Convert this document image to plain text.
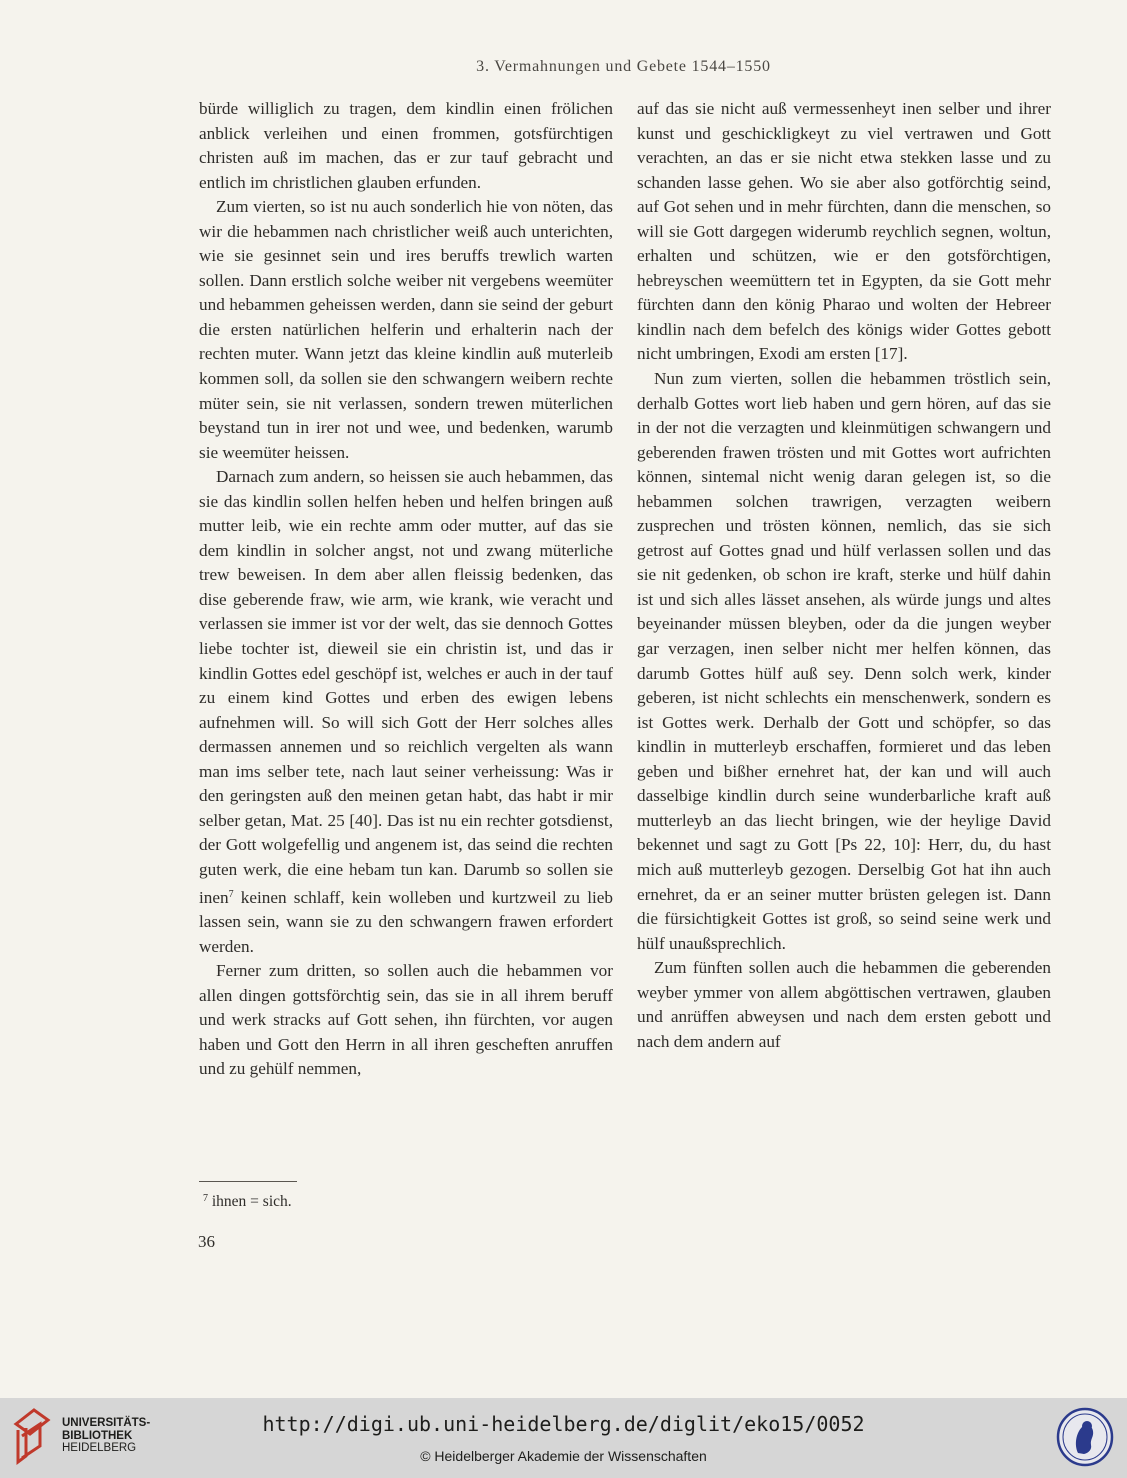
3. Vermahnungen und Gebete 1544–1550

bürde williglich zu tragen, dem kindlin einen frölichen anblick verleihen und einen frommen, gotsfürchtigen christen auß im machen, das er zur tauf gebracht und entlich im christlichen glauben erfunden.

Zum vierten, so ist nu auch sonderlich hie von nöten, das wir die hebammen nach christlicher weiß auch unterichten, wie sie gesinnet sein und ires beruffs trewlich warten sollen. Dann erstlich solche weiber nit vergebens weemüter und hebammen geheissen werden, dann sie seind der geburt die ersten natürlichen helferin und erhalterin nach der rechten muter. Wann jetzt das kleine kindlin auß muterleib kommen soll, da sollen sie den schwangern weibern rechte müter sein, sie nit verlassen, sondern trewen müterlichen beystand tun in irer not und wee, und bedenken, warumb sie weemüter heissen.

Darnach zum andern, so heissen sie auch hebammen, das sie das kindlin sollen helfen heben und helfen bringen auß mutter leib, wie ein rechte amm oder mutter, auf das sie dem kindlin in solcher angst, not und zwang müterliche trew beweisen. In dem aber allen fleissig bedenken, das dise geberende fraw, wie arm, wie krank, wie veracht und verlassen sie immer ist vor der welt, das sie dennoch Gottes liebe tochter ist, dieweil sie ein christin ist, und das ir kindlin Gottes edel geschöpf ist, welches er auch in der tauf zu einem kind Gottes und erben des ewigen lebens aufnehmen will. So will sich Gott der Herr solches alles dermassen annemen und so reichlich vergelten als wann man ims selber tete, nach laut seiner verheissung: Was ir den geringsten auß den meinen getan habt, das habt ir mir selber getan, Mat. 25 [40]. Das ist nu ein rechter gotsdienst, der Gott wolgefellig und angenem ist, das seind die rechten guten werk, die eine hebam tun kan. Darumb so sollen sie inen$^7$ keinen schlaff, kein wolleben und kurtzweil zu lieb lassen sein, wann sie zu den schwangern frawen erfordert werden.

Ferner zum dritten, so sollen auch die hebammen vor allen dingen gottsförchtig sein, das sie in all ihrem beruff und werk stracks auf Gott sehen, ihn fürchten, vor augen haben und Gott den Herrn in all ihren gescheften anruffen und zu gehülf nemmen,

auf das sie nicht auß vermessenheyt inen selber und ihrer kunst und geschickligkeyt zu viel vertrawen und Gott verachten, an das er sie nicht etwa stekken lasse und zu schanden lasse gehen. Wo sie aber also gotförchtig seind, auf Got sehen und in mehr fürchten, dann die menschen, so will sie Gott dargegen widerumb reychlich segnen, woltun, erhalten und schützen, wie er den gotsförchtigen, hebreyschen weemüttern tet in Egypten, da sie Gott mehr fürchten dann den könig Pharao und wolten der Hebreer kindlin nach dem befelch des königs wider Gottes gebott nicht umbringen, Exodi am ersten [17].

Nun zum vierten, sollen die hebammen tröstlich sein, derhalb Gottes wort lieb haben und gern hören, auf das sie in der not die verzagten und kleinmütigen schwangern und geberenden frawen trösten und mit Gottes wort aufrichten können, sintemal nicht wenig daran gelegen ist, so die hebammen solchen trawrigen, verzagten weibern zusprechen und trösten können, nemlich, das sie sich getrost auf Gottes gnad und hülf verlassen sollen und das sie nit gedenken, ob schon ire kraft, sterke und hülf dahin ist und sich alles lässet ansehen, als würde jungs und altes beyeinander müssen bleyben, oder da die jungen weyber gar verzagen, inen selber nicht mer helfen können, das darumb Gottes hülf auß sey. Denn solch werk, kinder geberen, ist nicht schlechts ein menschenwerk, sondern es ist Gottes werk. Derhalb der Gott und schöpfer, so das kindlin in mutterleyb erschaffen, formieret und das leben geben und bißher ernehret hat, der kan und will auch dasselbige kindlin durch seine wunderbarliche kraft auß mutterleyb an das liecht bringen, wie der heylige David bekennet und sagt zu Gott [Ps 22, 10]: Herr, du, du hast mich auß mutterleyb gezogen. Derselbig Got hat ihn auch ernehret, da er an seiner mutter brüsten gelegen ist. Dann die fürsichtigkeit Gottes ist groß, so seind seine werk und hülf unaußsprechlich.

Zum fünften sollen auch die hebammen die geberenden weyber ymmer von allem abgöttischen vertrawen, glauben und anrüffen abweysen und nach dem ersten gebott und nach dem andern auf

$^7$ ihnen = sich.
36
UNIVERSITÄTS-
BIBLIOTHEK
HEIDELBERG
http://digi.ub.uni-heidelberg.de/diglit/eko15/0052
© Heidelberger Akademie der Wissenschaften
